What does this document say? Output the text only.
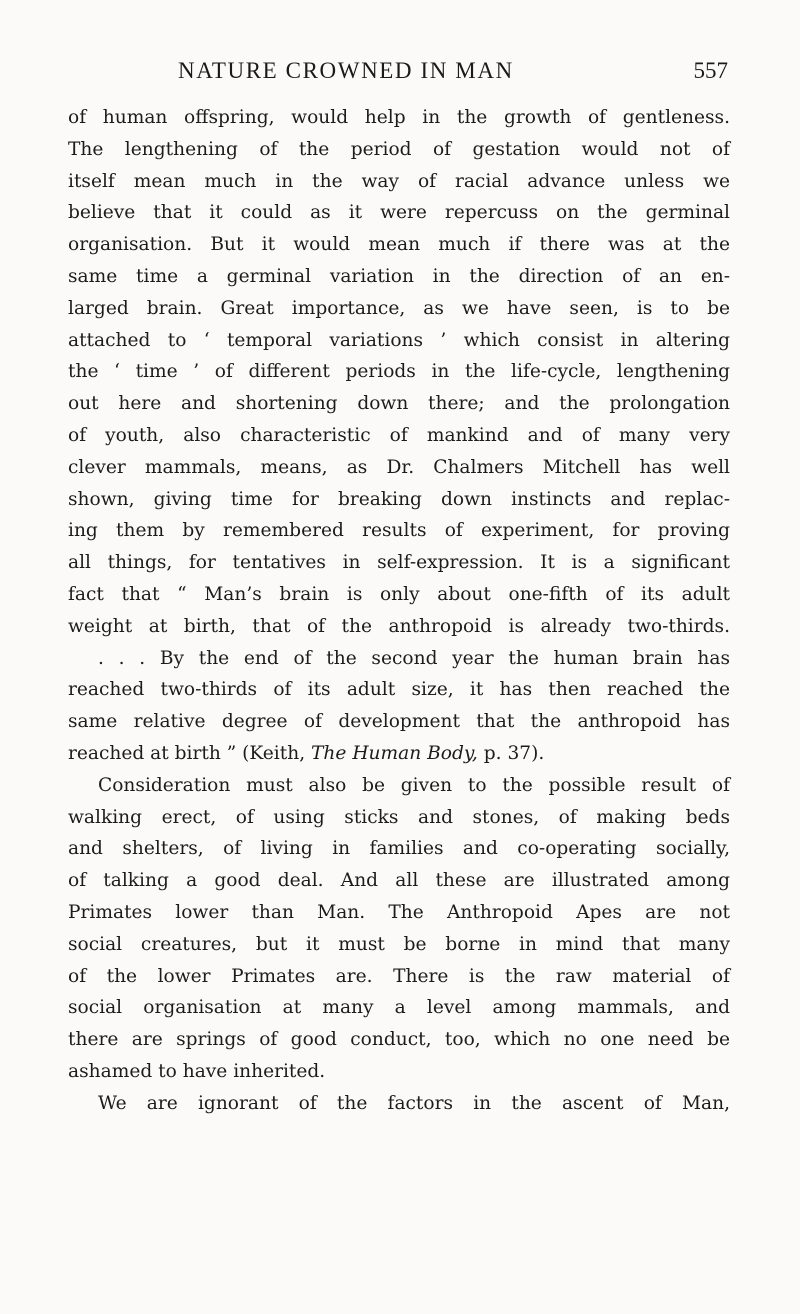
NATURE CROWNED IN MAN	557
of human offspring, would help in the growth of gentleness.
The lengthening of the period of gestation would not of
itself mean much in the way of racial advance unless we
believe that it could as it were repercuss on the germinal
organisation. But it would mean much if there was at the
same time a germinal variation in the direction of an en-
larged brain. Great importance, as we have seen, is to be
attached to ‘ temporal variations ’ which consist in altering
the ‘ time ’ of different periods in the life-cycle, lengthening
out here and shortening down there; and the prolongation
of youth, also characteristic of mankind and of many very
clever mammals, means, as Dr. Chalmers Mitchell has well
shown, giving time for breaking down instincts and replac-
ing them by remembered results of experiment, for proving
all things, for tentatives in self-expression. It is a significant
fact that “ Man’s brain is only about one-fifth of its adult
weight at birth, that of the anthropoid is already two-thirds.
. . . By the end of the second year the human brain has
reached two-thirds of its adult size, it has then reached the
same relative degree of development that the anthropoid has
reached at birth ” (Keith, The Human Body, p. 37).
Consideration must also be given to the possible result of
walking erect, of using sticks and stones, of making beds
and shelters, of living in families and co-operating socially,
of talking a good deal. And all these are illustrated among
Primates lower than Man. The Anthropoid Apes are not
social creatures, but it must be borne in mind that many
of the lower Primates are. There is the raw material of
social organisation at many a level among mammals, and
there are springs of good conduct, too, which no one need be
ashamed to have inherited.
We are ignorant of the factors in the ascent of Man,
